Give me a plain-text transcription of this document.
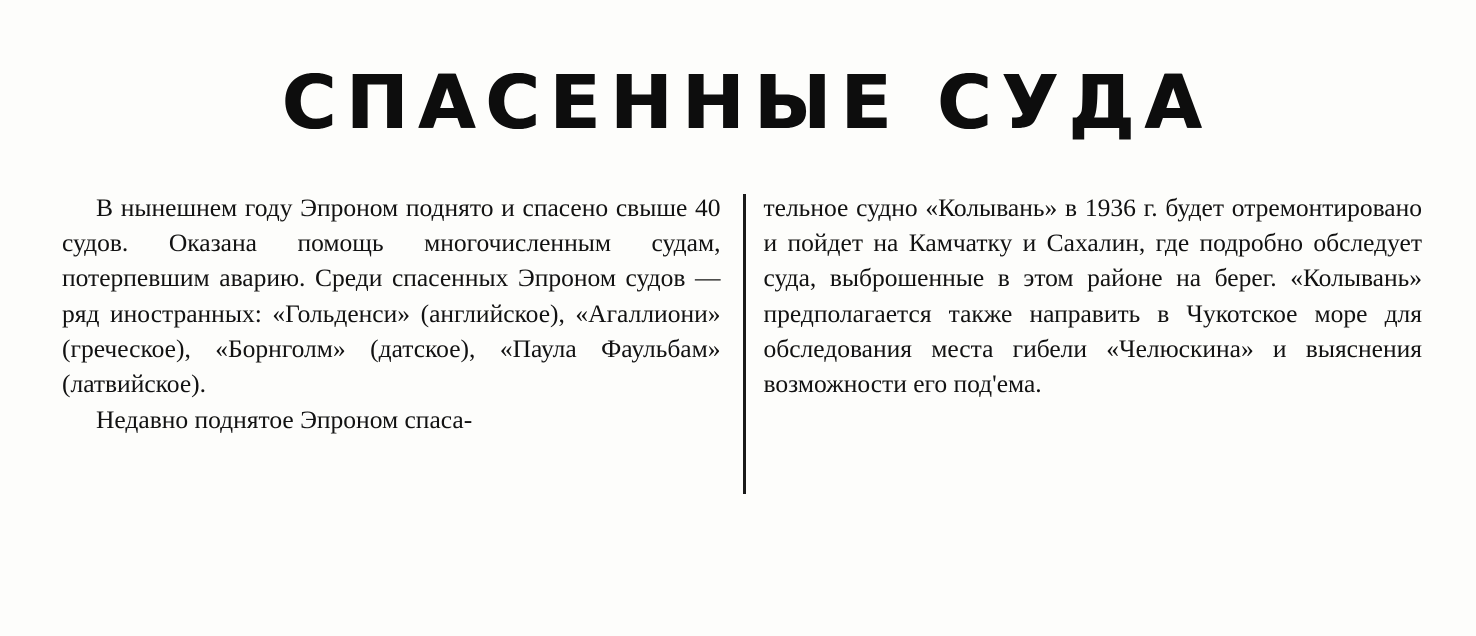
СПАСЕННЫЕ СУДА

В нынешнем году Эпроном поднято и спасено свыше 40 судов. Оказана помощь многочисленным судам, потерпевшим аварию. Среди спасенных Эпроном судов — ряд иностранных: «Гольденси» (английское), «Агаллиони» (греческое), «Борнголм» (датское), «Паула Фаульбам» (латвийское).

Недавно поднятое Эпроном спаса-

тельное судно «Колывань» в 1936 г. будет отремонтировано и пойдет на Камчатку и Сахалин, где подробно обследует суда, выброшенные в этом районе на берег. «Колывань» предполагается также направить в Чукотское море для обследования места гибели «Челюскина» и выяснения возможности его под'ема.
